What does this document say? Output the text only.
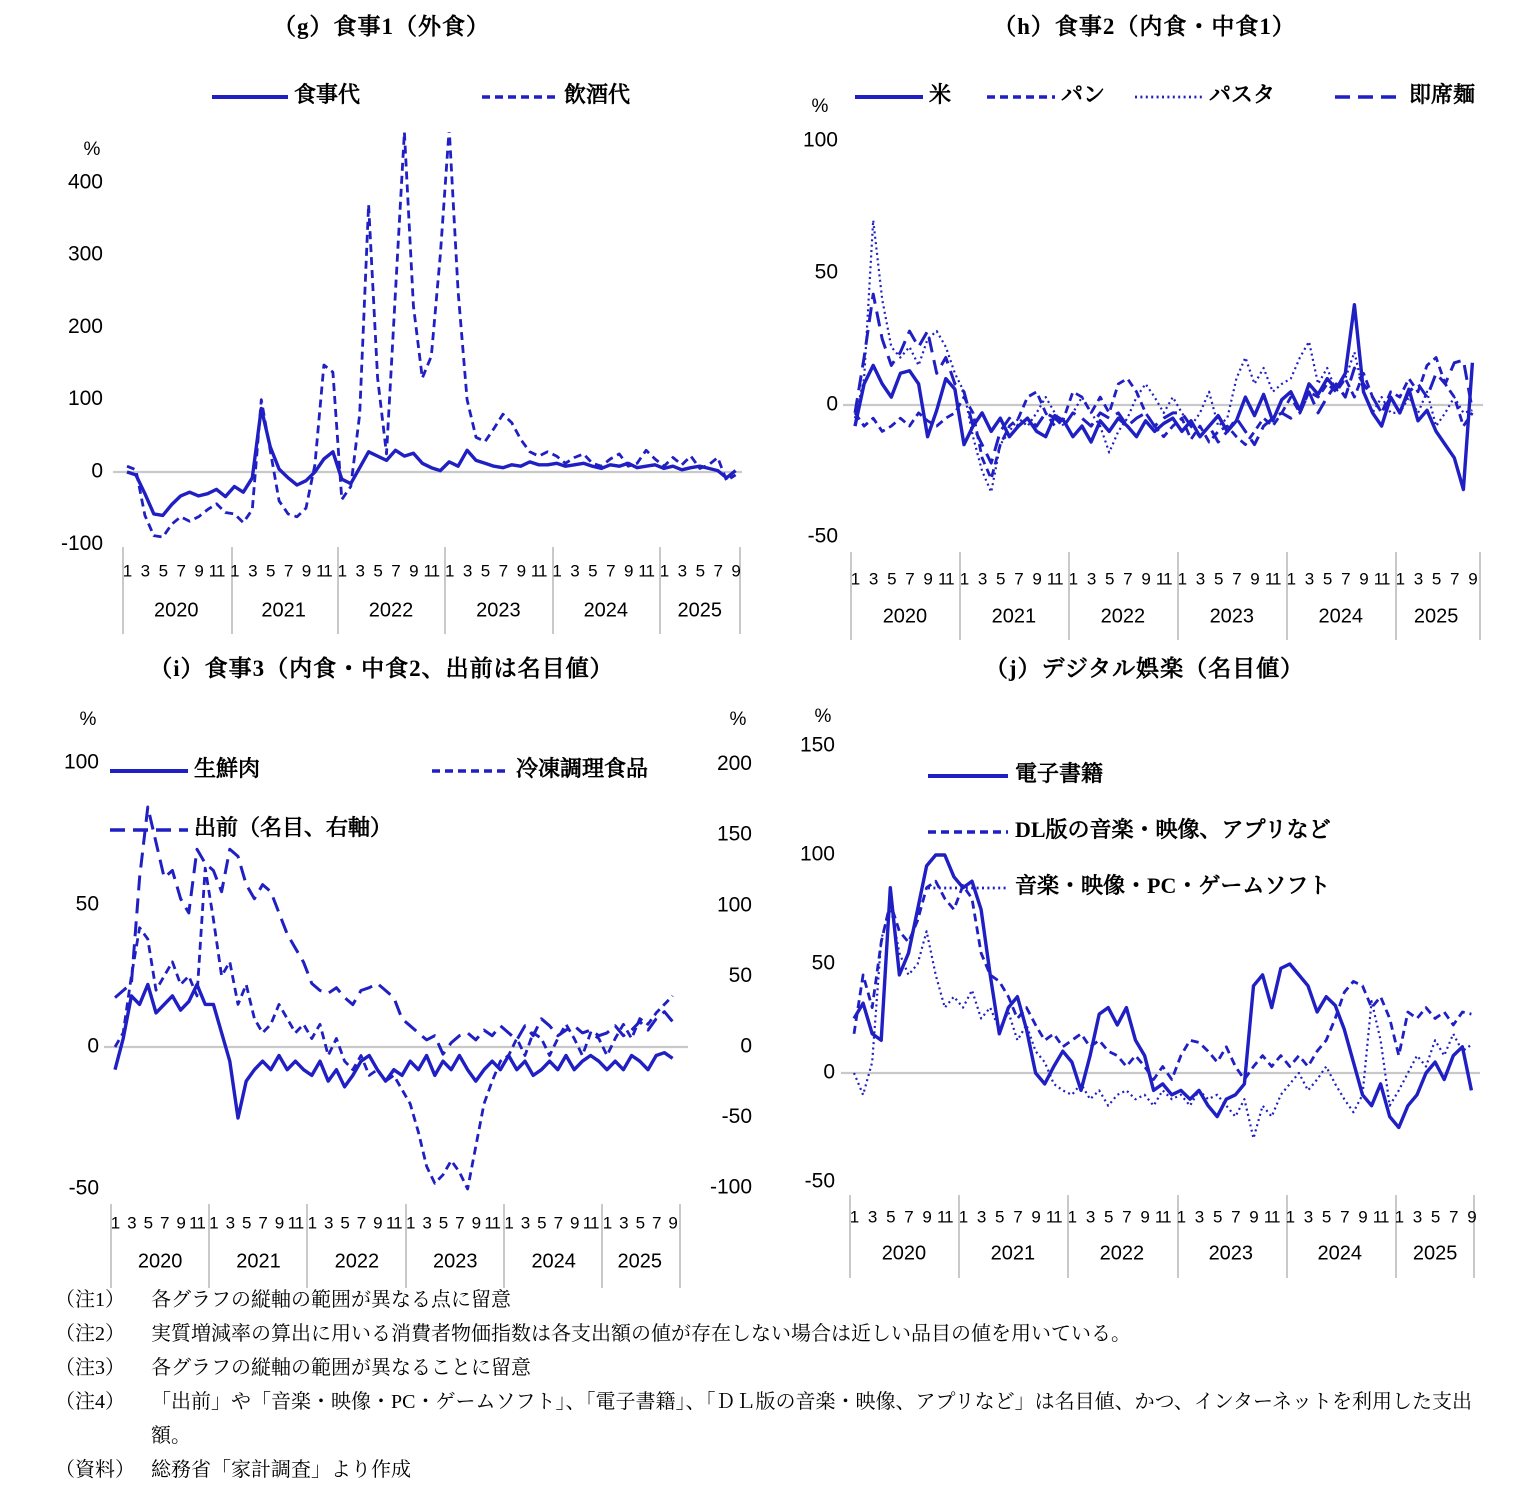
（g）食事1（外食）
400
300
200
100
0
-100
%
1 3 5 7 9 11
2020
1 3 5 7 9 11
2021
1 3 5 7 9 11
2022
1 3 5 7 9 11
2023
1 3 5 7 9 11
2024
1 3 5 7 9
2025
食事代	飲酒代
（h）食事2（内食・中食1）
100
50
0
-50
%
1 3 5 7 9 11
2020
1 3 5 7 9 11
2021
1 3 5 7 9 11
2022
1 3 5 7 9 11
2023
1 3 5 7 9 11
2024
1 3 5 7 9
2025
米	パン	パスタ	即席麺
（i）食事3（内食・中食2、出前は名目値）
100
50
0
-50
%
200
150
100
50
0
-50
-100
%
1 3 5 7 9 11
2020
1 3 5 7 9 11
2021
1 3 5 7 9 11
2022
1 3 5 7 9 11
2023
1 3 5 7 9 11
2024
1 3 5 7 9
2025
生鮮肉	冷凍調理食品
出前（名目、右軸）
（j）デジタル娯楽（名目値）
150
100
50
0
-50
%
1 3 5 7 9 11
2020
1 3 5 7 9 11
2021
1 3 5 7 9 11
2022
1 3 5 7 9 11
2023
1 3 5 7 9 11
2024
1 3 5 7 9
2025
電子書籍
DL版の音楽・映像、アプリなど
音楽・映像・PC・ゲームソフト
（注1）	各グラフの縦軸の範囲が異なる点に留意
（注2）	実質増減率の算出に用いる消費者物価指数は各支出額の値が存在しない場合は近しい品目の値を用いている。
（注3）	各グラフの縦軸の範囲が異なることに留意
（注4）	「出前」や「音楽・映像・PC・ゲームソフト」、「電子書籍」、「ＤＬ版の音楽・映像、アプリなど」は名目値、かつ、インターネットを利用した支出額。
（資料） 総務省「家計調査」より作成
